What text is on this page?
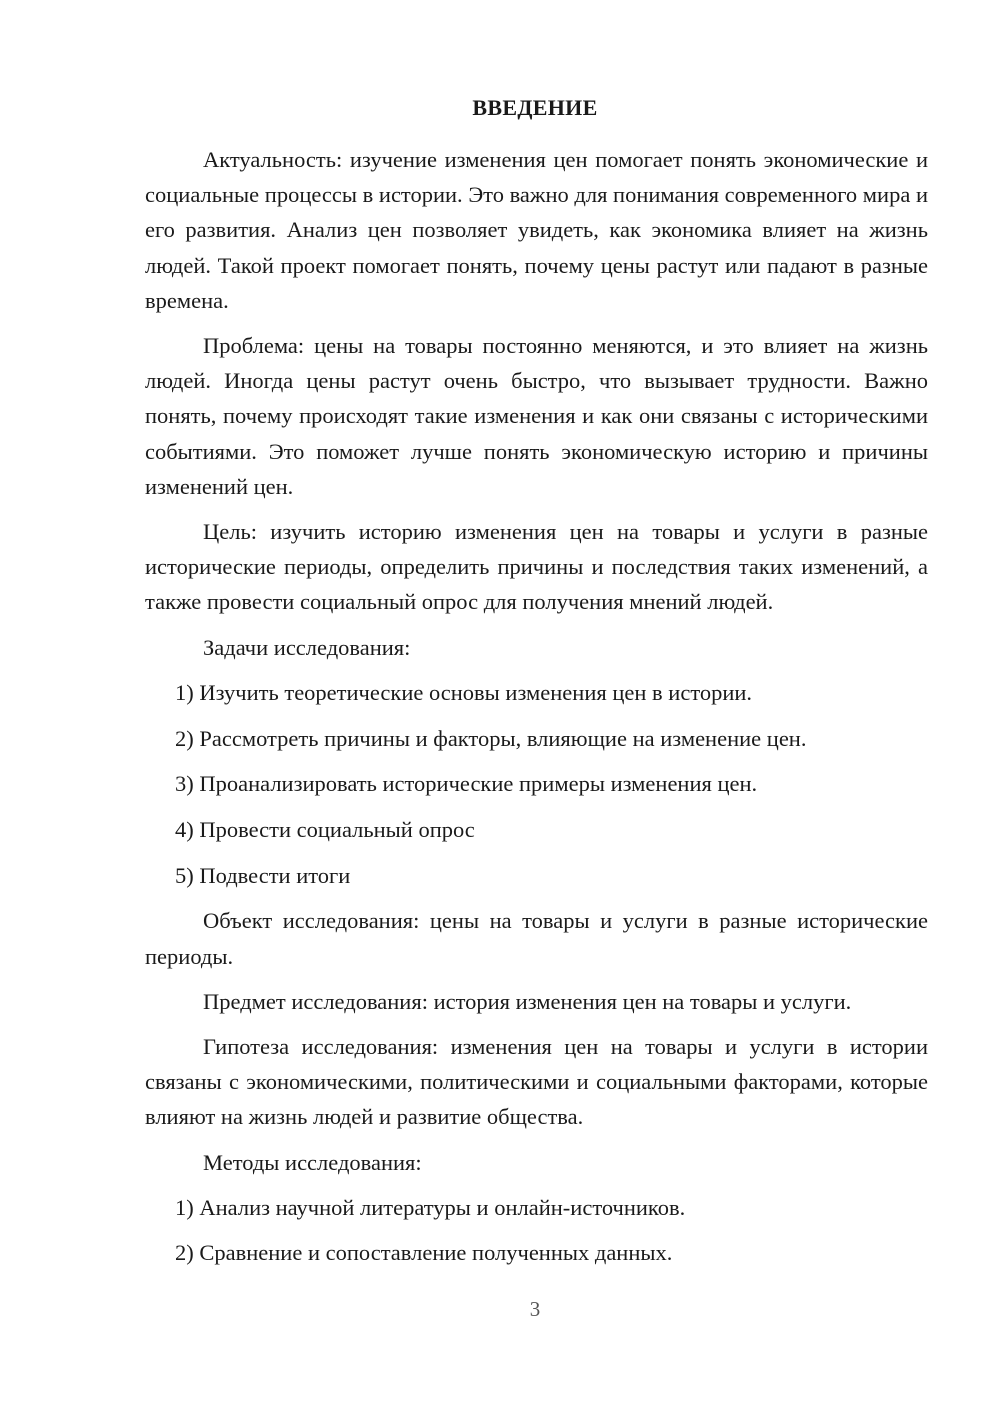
ВВЕДЕНИЕ

Актуальность: изучение изменения цен помогает понять экономические и социальные процессы в истории. Это важно для понимания современного мира и его развития. Анализ цен позволяет увидеть, как экономика влияет на жизнь людей. Такой проект помогает понять, почему цены растут или падают в разные времена.

Проблема: цены на товары постоянно меняются, и это влияет на жизнь людей. Иногда цены растут очень быстро, что вызывает трудности. Важно понять, почему происходят такие изменения и как они связаны с историческими событиями. Это поможет лучше понять экономическую историю и причины изменений цен.

Цель: изучить историю изменения цен на товары и услуги в разные исторические периоды, определить причины и последствия таких изменений, а также провести социальный опрос для получения мнений людей.

Задачи исследования:

1) Изучить теоретические основы изменения цен в истории.

2) Рассмотреть причины и факторы, влияющие на изменение цен.

3) Проанализировать исторические примеры изменения цен.

4) Провести социальный опрос

5) Подвести итоги

Объект исследования: цены на товары и услуги в разные исторические периоды.

Предмет исследования: история изменения цен на товары и услуги.

Гипотеза исследования: изменения цен на товары и услуги в истории связаны с экономическими, политическими и социальными факторами, которые влияют на жизнь людей и развитие общества.

Методы исследования:

1) Анализ научной литературы и онлайн-источников.

2) Сравнение и сопоставление полученных данных.

3
